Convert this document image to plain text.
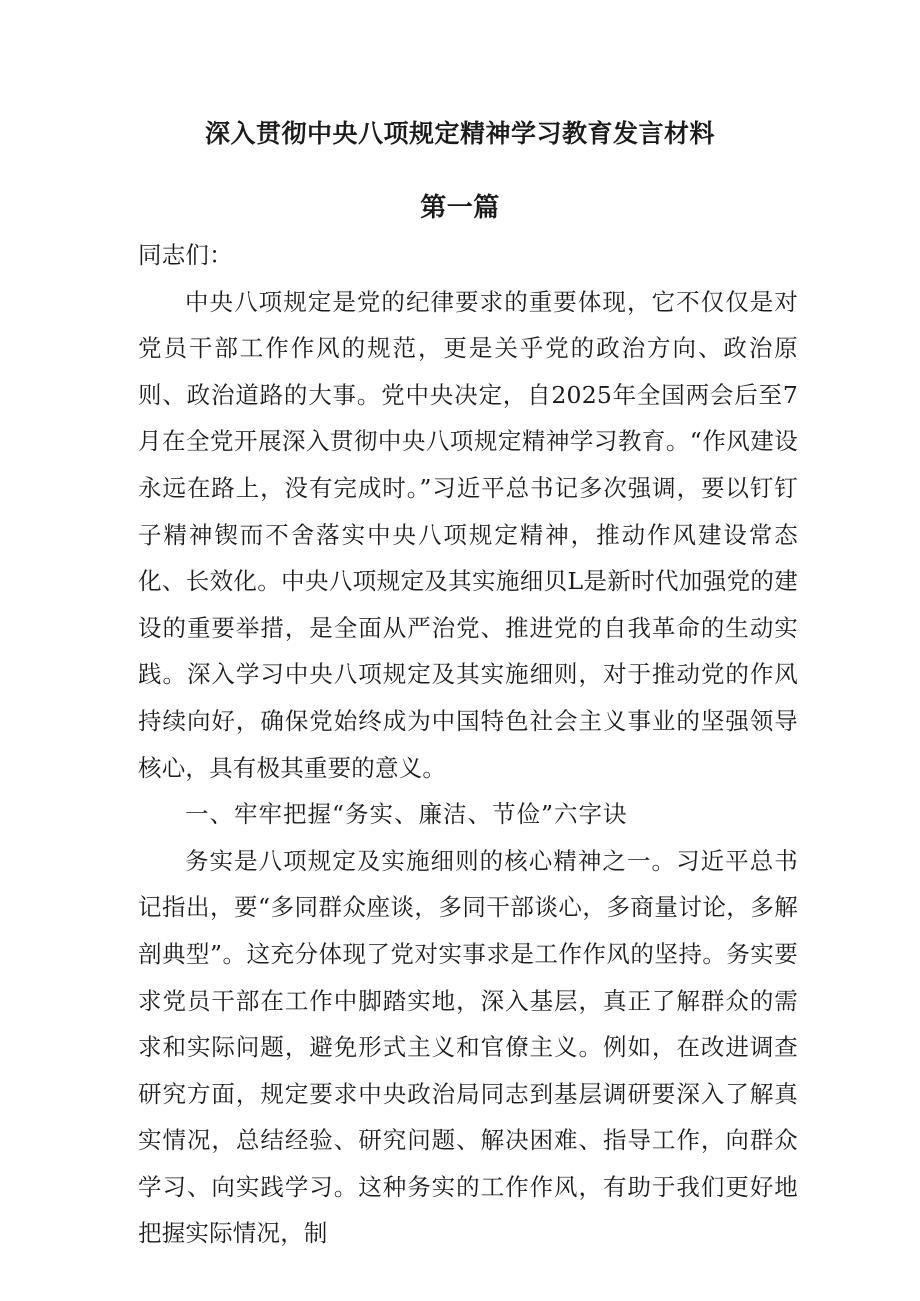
深入贯彻中央八项规定精神学习教育发言材料
第一篇

同志们：

中央八项规定是党的纪律要求的重要体现，它不仅仅是对党员干部工作作风的规范，更是关乎党的政治方向、政治原则、政治道路的大事。党中央决定，自2025年全国两会后至7月在全党开展深入贯彻中央八项规定精神学习教育。“作风建设永远在路上，没有完成时。”习近平总书记多次强调，要以钉钉子精神锲而不舍落实中央八项规定精神，推动作风建设常态化、长效化。中央八项规定及其实施细贝L是新时代加强党的建设的重要举措，是全面从严治党、推进党的自我革命的生动实践。深入学习中央八项规定及其实施细则，对于推动党的作风持续向好，确保党始终成为中国特色社会主义事业的坚强领导核心，具有极其重要的意义。

一、牢牢把握“务实、廉洁、节俭”六字诀

务实是八项规定及实施细则的核心精神之一。习近平总书记指出，要“多同群众座谈，多同干部谈心，多商量讨论，多解剖典型”。这充分体现了党对实事求是工作作风的坚持。务实要求党员干部在工作中脚踏实地，深入基层，真正了解群众的需求和实际问题，避免形式主义和官僚主义。例如，在改进调查研究方面，规定要求中央政治局同志到基层调研要深入了解真实情况，总结经验、研究问题、解决困难、指导工作，向群众学习、向实践学习。这种务实的工作作风，有助于我们更好地把握实际情况，制
